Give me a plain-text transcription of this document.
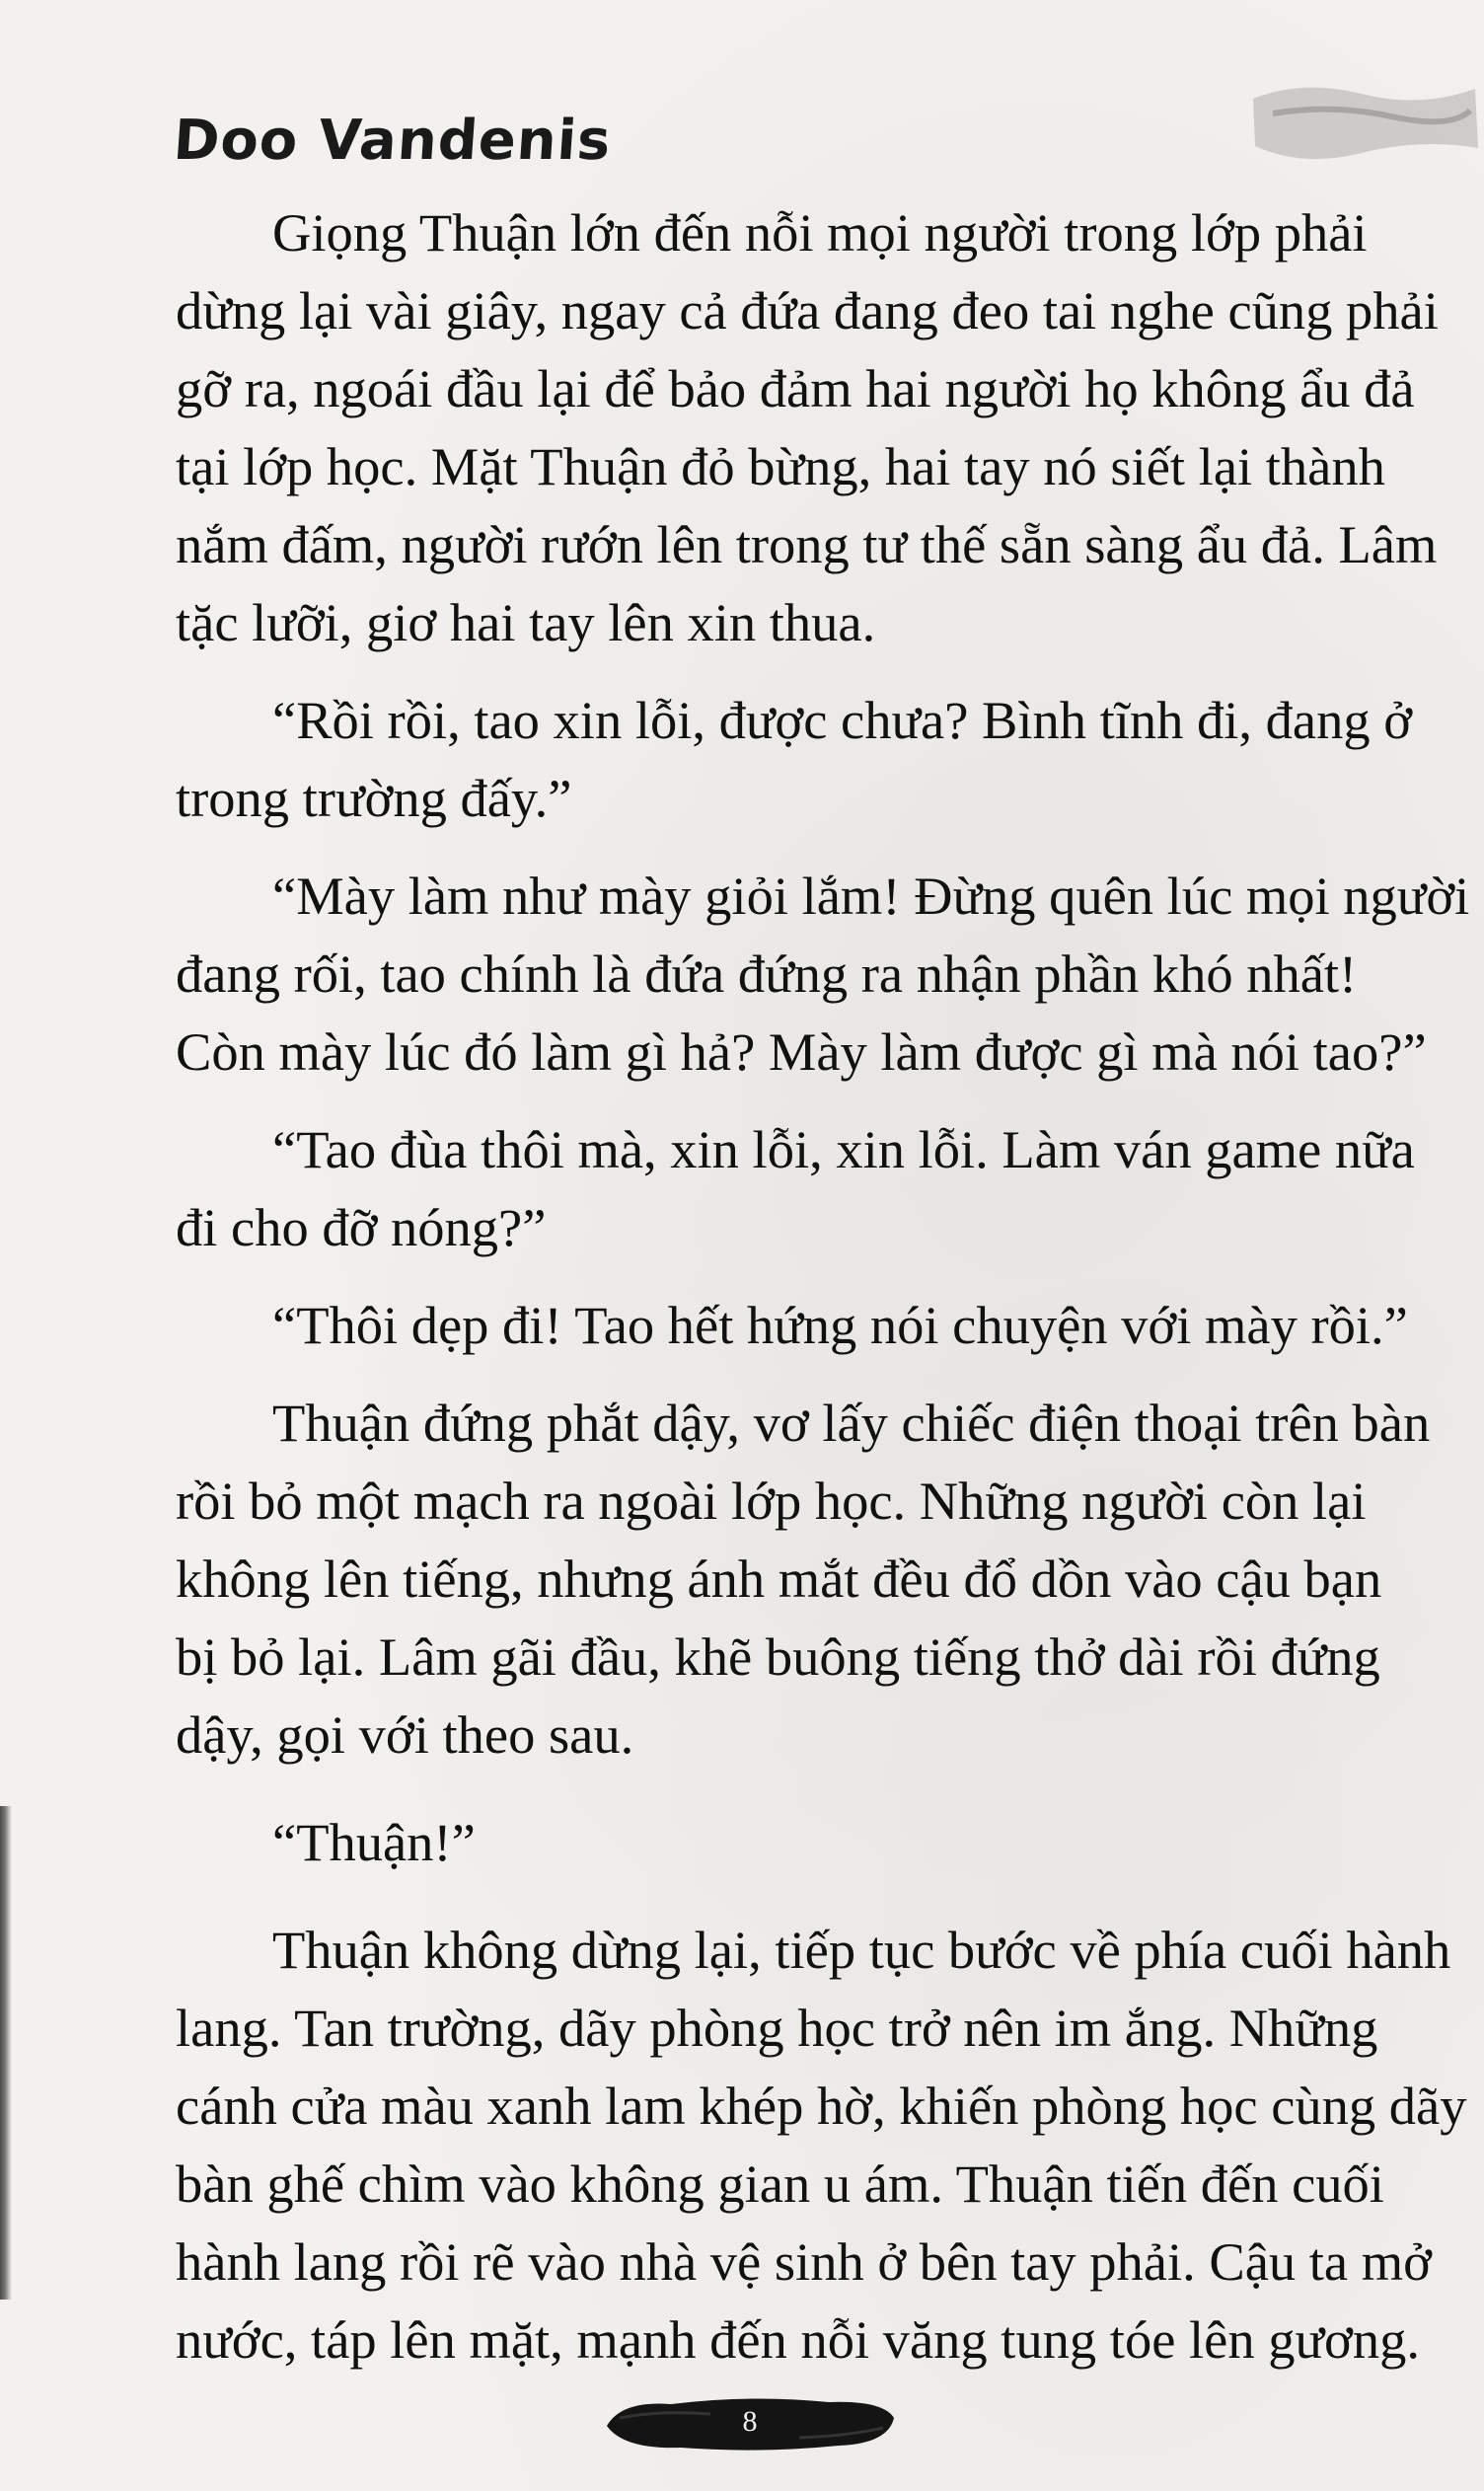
Doo Vandenis
Giọng Thuận lớn đến nỗi mọi người trong lớp phải
dừng lại vài giây, ngay cả đứa đang đeo tai nghe cũng phải
gỡ ra, ngoái đầu lại để bảo đảm hai người họ không ẩu đả
tại lớp học. Mặt Thuận đỏ bừng, hai tay nó siết lại thành
nắm đấm, người rướn lên trong tư thế sẵn sàng ẩu đả. Lâm
tặc lưỡi, giơ hai tay lên xin thua.
“Rồi rồi, tao xin lỗi, được chưa? Bình tĩnh đi, đang ở
trong trường đấy.”
“Mày làm như mày giỏi lắm! Đừng quên lúc mọi người
đang rối, tao chính là đứa đứng ra nhận phần khó nhất!
Còn mày lúc đó làm gì hả? Mày làm được gì mà nói tao?”
“Tao đùa thôi mà, xin lỗi, xin lỗi. Làm ván game nữa
đi cho đỡ nóng?”
“Thôi dẹp đi! Tao hết hứng nói chuyện với mày rồi.”
Thuận đứng phắt dậy, vơ lấy chiếc điện thoại trên bàn
rồi bỏ một mạch ra ngoài lớp học. Những người còn lại
không lên tiếng, nhưng ánh mắt đều đổ dồn vào cậu bạn
bị bỏ lại. Lâm gãi đầu, khẽ buông tiếng thở dài rồi đứng
dậy, gọi với theo sau.
“Thuận!”
Thuận không dừng lại, tiếp tục bước về phía cuối hành
lang. Tan trường, dãy phòng học trở nên im ắng. Những
cánh cửa màu xanh lam khép hờ, khiến phòng học cùng dãy
bàn ghế chìm vào không gian u ám. Thuận tiến đến cuối
hành lang rồi rẽ vào nhà vệ sinh ở bên tay phải. Cậu ta mở
nước, táp lên mặt, mạnh đến nỗi văng tung tóe lên gương.
8
